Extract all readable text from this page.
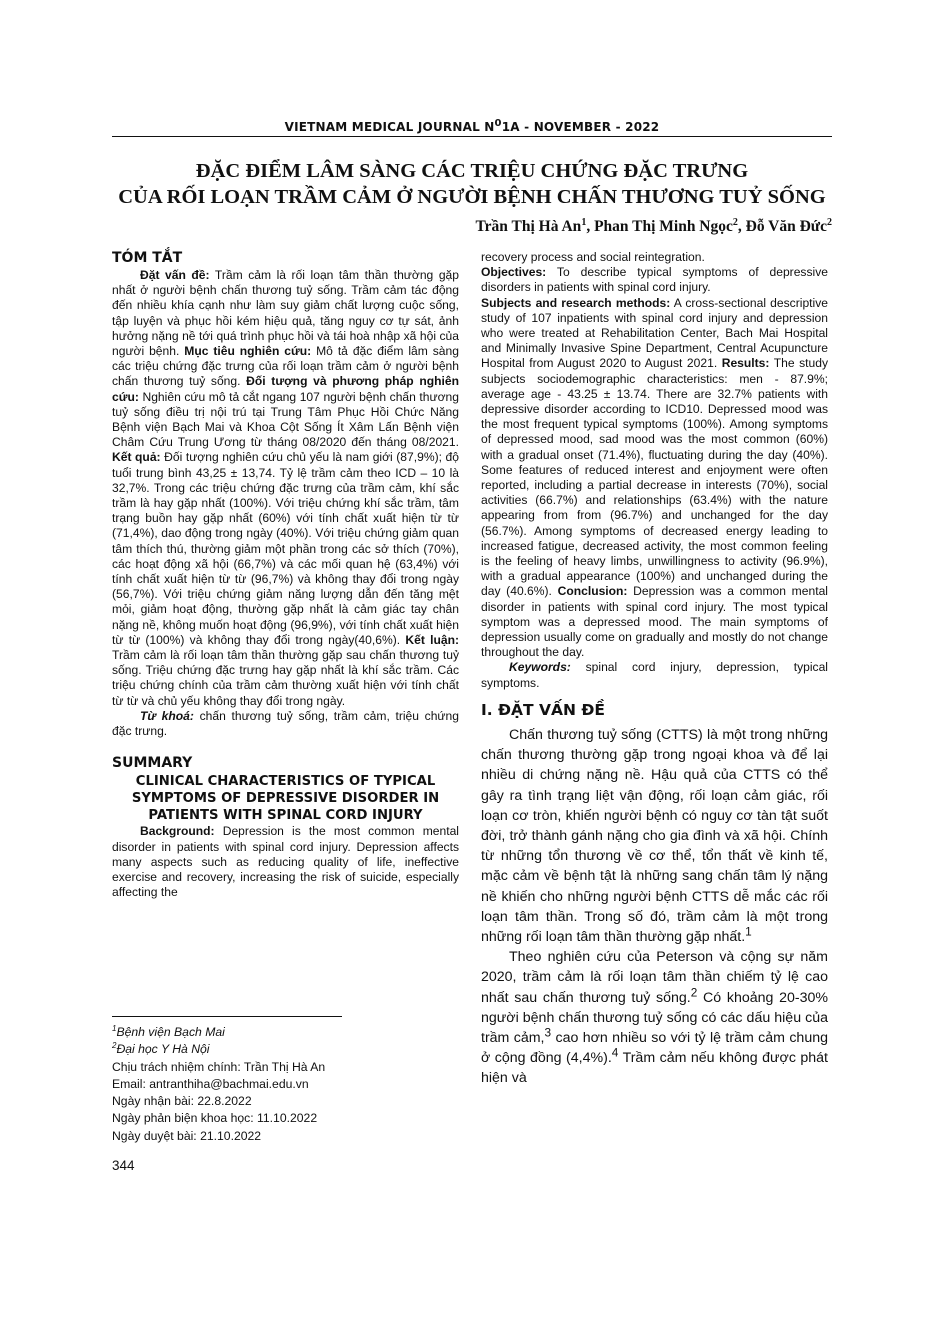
VIETNAM MEDICAL JOURNAL $N^01A$ - NOVEMBER - 2022
ĐẶC ĐIỂM LÂM SÀNG CÁC TRIỆU CHỨNG ĐẶC TRƯNG
CỦA RỐI LOẠN TRẦM CẢM Ở NGƯỜI BỆNH CHẤN THƯƠNG TUỶ SỐNG
Trần Thị Hà An$^1$, Phan Thị Minh Ngọc$^2$, Đỗ Văn Đức$^2$
TÓM TẮT

Đặt vấn đề: Trầm cảm là rối loạn tâm thần thường gặp nhất ở người bệnh chấn thương tuỷ sống. Trầm cảm tác động đến nhiều khía cạnh như làm suy giảm chất lượng cuộc sống, tập luyện và phục hồi kém hiệu quả, tăng nguy cơ tự sát, ảnh hưởng nặng nề tới quá trình phục hồi và tái hoà nhập xã hội của người bệnh. Mục tiêu nghiên cứu: Mô tả đặc điểm lâm sàng các triệu chứng đặc trưng của rối loạn trầm cảm ở người bệnh chấn thương tuỷ sống. Đối tượng và phương pháp nghiên cứu: Nghiên cứu mô tả cắt ngang 107 người bệnh chấn thương tuỷ sống điều trị nội trú tại Trung Tâm Phục Hồi Chức Năng Bệnh viện Bạch Mai và Khoa Cột Sống Ít Xâm Lấn Bệnh viện Châm Cứu Trung Ương từ tháng 08/2020 đến tháng 08/2021. Kết quả: Đối tượng nghiên cứu chủ yếu là nam giới (87,9%); độ tuổi trung bình 43,25 ± 13,74. Tỷ lệ trầm cảm theo ICD – 10 là 32,7%. Trong các triệu chứng đặc trưng của trầm cảm, khí sắc trầm là hay gặp nhất (100%). Với triệu chứng khí sắc trầm, tâm trạng buồn hay gặp nhất (60%) với tính chất xuất hiện từ từ (71,4%), dao động trong ngày (40%). Với triệu chứng giảm quan tâm thích thú, thường giảm một phần trong các sở thích (70%), các hoạt động xã hội (66,7%) và các mối quan hệ (63,4%) với tính chất xuất hiện từ từ (96,7%) và không thay đổi trong ngày (56,7%). Với triệu chứng giảm năng lượng dẫn đến tăng mệt mỏi, giảm hoạt động, thường gặp nhất là cảm giác tay chân nặng nề, không muốn hoạt động (96,9%), với tính chất xuất hiện từ từ (100%) và không thay đổi trong ngày(40,6%). Kết luận: Trầm cảm là rối loạn tâm thần thường gặp sau chấn thương tuỷ sống. Triệu chứng đặc trưng hay gặp nhất là khí sắc trầm. Các triệu chứng chính của trầm cảm thường xuất hiện với tính chất từ từ và chủ yếu không thay đổi trong ngày.

Từ khoá: chấn thương tuỷ sống, trầm cảm, triệu chứng đặc trưng.

SUMMARY
CLINICAL CHARACTERISTICS OF TYPICAL SYMPTOMS OF DEPRESSIVE DISORDER IN PATIENTS WITH SPINAL CORD INJURY

Background: Depression is the most common mental disorder in patients with spinal cord injury. Depression affects many aspects such as reducing quality of life, ineffective exercise and recovery, increasing the risk of suicide, especially affecting the

$^1$Bệnh viện Bạch Mai
$^2$Đại học Y Hà Nội
Chịu trách nhiệm chính: Trần Thị Hà An
Email: antranthiha@bachmai.edu.vn
Ngày nhận bài: 22.8.2022
Ngày phản biện khoa học: 11.10.2022
Ngày duyệt bài: 21.10.2022
344

recovery process and social reintegration.

Objectives: To describe typical symptoms of depressive disorders in patients with spinal cord injury.

Subjects and research methods: A cross-sectional descriptive study of 107 inpatients with spinal cord injury and depression who were treated at Rehabilitation Center, Bach Mai Hospital and Minimally Invasive Spine Department, Central Acupuncture Hospital from August 2020 to August 2021. Results: The study subjects sociodemographic characteristics: men - 87.9%; average age - 43.25 ± 13.74. There are 32.7% patients with depressive disorder according to ICD10. Depressed mood was the most frequent typical symptoms (100%). Among symptoms of depressed mood, sad mood was the most common (60%) with a gradual onset (71.4%), fluctuating during the day (40%). Some features of reduced interest and enjoyment were often reported, including a partial decrease in interests (70%), social activities (66.7%) and relationships (63.4%) with the nature appearing from from (96.7%) and unchanged for the day (56.7%). Among symptoms of decreased energy leading to increased fatigue, decreased activity, the most common feeling is the feeling of heavy limbs, unwillingness to activity (96.9%), with a gradual appearance (100%) and unchanged during the day (40.6%). Conclusion: Depression was a common mental disorder in patients with spinal cord injury. The most typical symptom was a depressed mood. The main symptoms of depression usually come on gradually and mostly do not change throughout the day.

Keywords: spinal cord injury, depression, typical symptoms.

I. ĐẶT VẤN ĐỀ

Chấn thương tuỷ sống (CTTS) là một trong những chấn thương thường gặp trong ngoại khoa và để lại nhiều di chứng nặng nề. Hậu quả của CTTS có thể gây ra tình trạng liệt vận động, rối loạn cảm giác, rối loạn cơ tròn, khiến người bệnh có nguy cơ tàn tật suốt đời, trở thành gánh nặng cho gia đình và xã hội. Chính từ những tổn thương về cơ thể, tổn thất về kinh tế, mặc cảm về bệnh tật là những sang chấn tâm lý nặng nề khiến cho những người bệnh CTTS dễ mắc các rối loạn tâm thần. Trong số đó, trầm cảm là một trong những rối loạn tâm thần thường gặp nhất.$^1$

Theo nghiên cứu của Peterson và cộng sự năm 2020, trầm cảm là rối loạn tâm thần chiếm tỷ lệ cao nhất sau chấn thương tuỷ sống.$^2$ Có khoảng 20-30% người bệnh chấn thương tuỷ sống có các dấu hiệu của trầm cảm,$^3$ cao hơn nhiều so với tỷ lệ trầm cảm chung ở cộng đồng (4,4%).$^4$ Trầm cảm nếu không được phát hiện và
